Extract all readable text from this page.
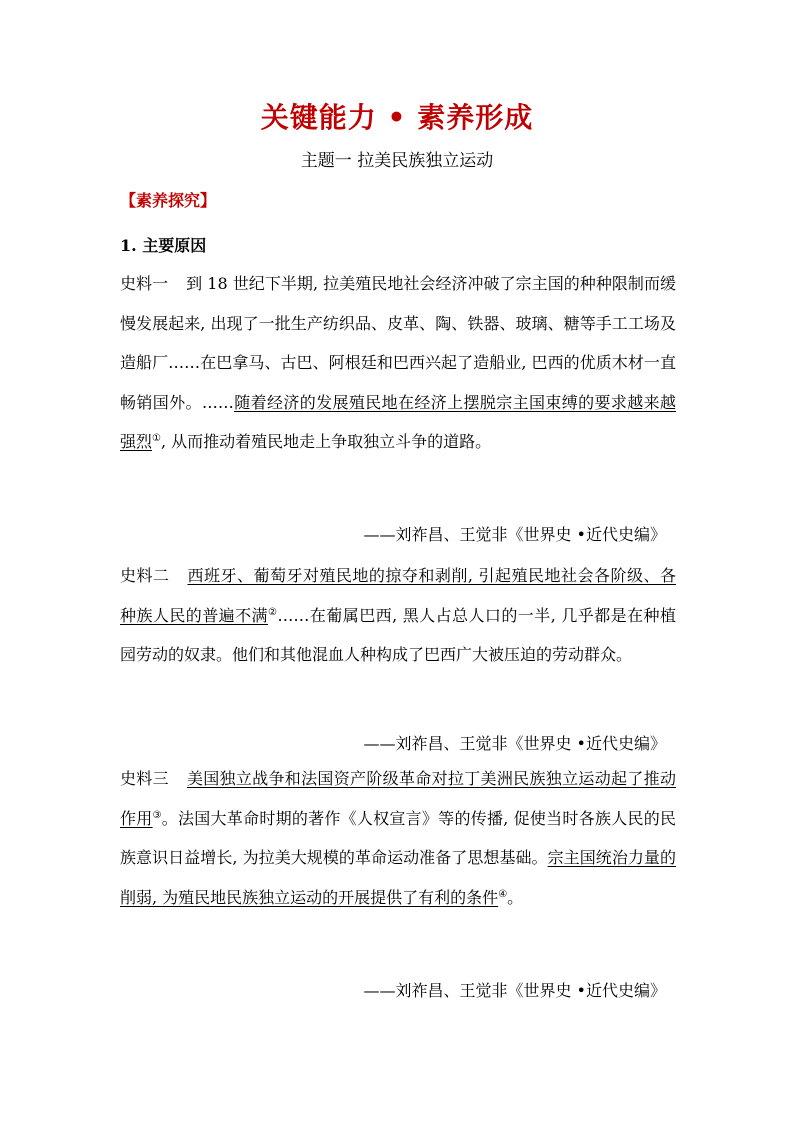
关键能力 • 素养形成
主题一 拉美民族独立运动
【素养探究】
1. 主要原因
史料一 到 18 世纪下半期, 拉美殖民地社会经济冲破了宗主国的种种限制而缓慢发展起来, 出现了一批生产纺织品、皮革、陶、铁器、玻璃、糖等手工工场及造船厂……在巴拿马、古巴、阿根廷和巴西兴起了造船业, 巴西的优质木材一直畅销国外。……随着经济的发展殖民地在经济上摆脱宗主国束缚的要求越来越强烈①, 从而推动着殖民地走上争取独立斗争的道路。
——刘祚昌、王觉非《世界史 •近代史编》
史料二 西班牙、葡萄牙对殖民地的掠夺和剥削, 引起殖民地社会各阶级、各种族人民的普遍不满②……在葡属巴西, 黑人占总人口的一半, 几乎都是在种植园劳动的奴隶。他们和其他混血人种构成了巴西广大被压迫的劳动群众。
——刘祚昌、王觉非《世界史 •近代史编》
史料三 美国独立战争和法国资产阶级革命对拉丁美洲民族独立运动起了推动作用③。法国大革命时期的著作《人权宣言》等的传播, 促使当时各族人民的民族意识日益增长, 为拉美大规模的革命运动准备了思想基础。宗主国统治力量的削弱, 为殖民地民族独立运动的开展提供了有利的条件④。
——刘祚昌、王觉非《世界史 •近代史编》
